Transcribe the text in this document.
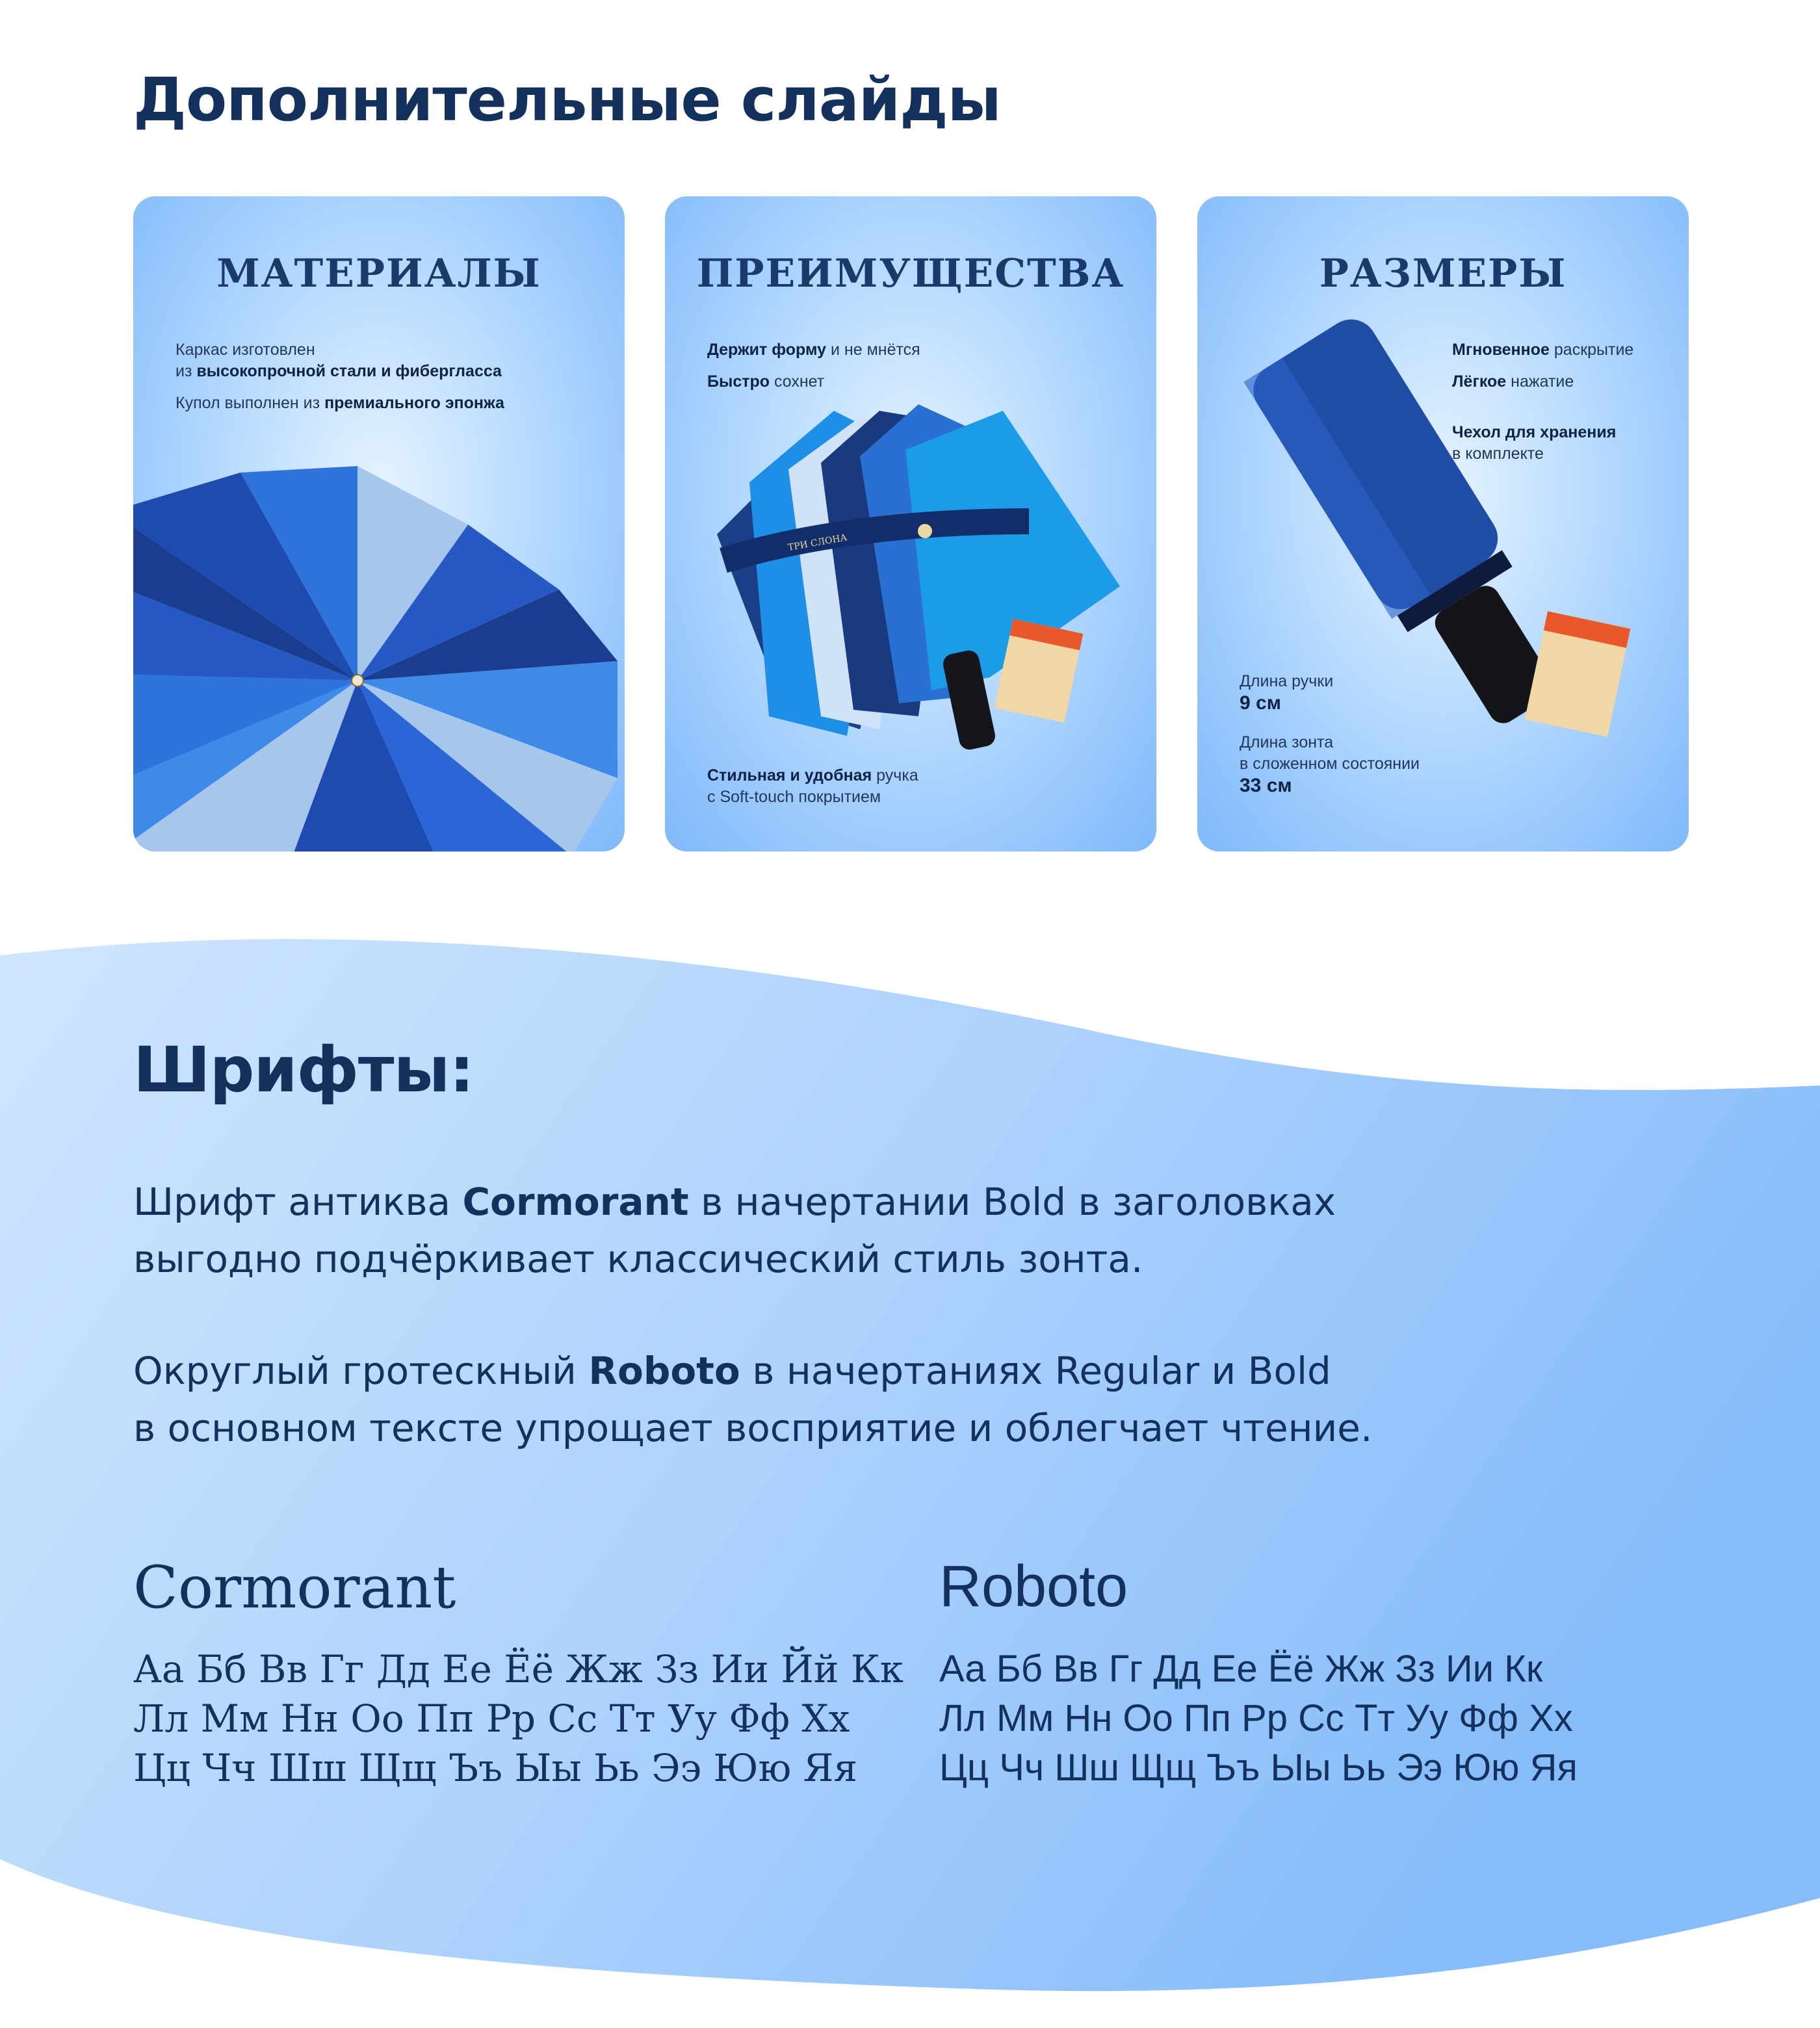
Дополнительные слайды
МАТЕРИАЛЫ
Каркас изготовлен
из высокопрочной стали и фибергласса
Купол выполнен из премиального эпонжа
ТРИ СЛОНА
ПРЕИМУЩЕСТВА
Держит форму и не мнётся
Быстро сохнет
Стильная и удобная ручка
с Soft-touch покрытием
РАЗМЕРЫ
Мгновенное раскрытие
Лёгкое нажатие
Чехол для хранения
в комплекте
Длина ручки
9 см
Длина зонта
в сложенном состоянии
33 см
Шрифты:
Шрифт антиква Cormorant в начертании Bold в заголовках
выгодно подчёркивает классический стиль зонта.
Округлый гротескный Roboto в начертаниях Regular и Bold
в основном тексте упрощает восприятие и облегчает чтение.
Cormorant	Roboto
Аа Бб Вв Гг Дд Ее Ёё Жж Зз Ии Йй Кк
Лл Мм Нн Оо Пп Рр Сс Тт Уу Фф Хх
Цц Чч Шш Щщ Ъъ Ыы Ьь Ээ Юю Яя
Аа Бб Вв Гг Дд Ее Ёё Жж Зз Ии Кк
Лл Мм Нн Оо Пп Рр Сс Тт Уу Фф Хх
Цц Чч Шш Щщ Ъъ Ыы Ьь Ээ Юю Яя
